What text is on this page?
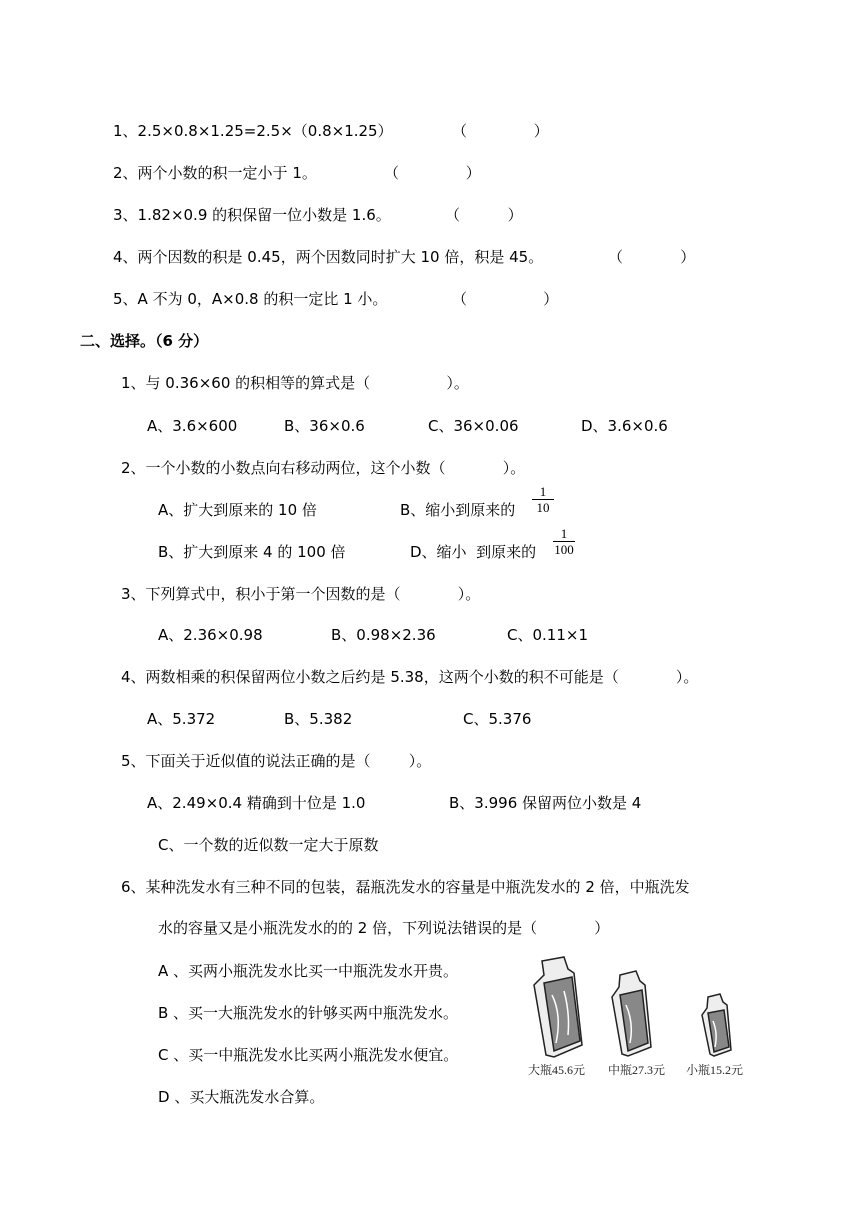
1、2.5×0.8×1.25=2.5×（0.8×1.25）	（              ）
2、两个小数的积一定小于 1。	（              ）
3、1.82×0.9 的积保留一位小数是 1.6。	（          ）
4、两个因数的积是 0.45，两个因数同时扩大 10 倍，积是 45。	（            ）
5、A 不为 0，A×0.8 的积一定比 1 小。	（                ）
二、选择。（6 分）
1、与 0.36×60 的积相等的算式是（                ）。
A、3.6×600	B、36×0.6	C、36×0.06	D、3.6×0.6
2、一个小数的小数点向右移动两位，这个小数（            ）。
A、扩大到原来的 10 倍	B、缩小到原来的
1
10
B、扩大到原来 4 的 100 倍	D、缩小  到原来的
1
100
3、下列算式中，积小于第一个因数的是（            ）。
A、2.36×0.98	B、0.98×2.36	C、0.11×1
4、两数相乘的积保留两位小数之后约是 5.38，这两个小数的积不可能是（            ）。
A、5.372	B、5.382	C、5.376
5、下面关于近似值的说法正确的是（        ）。
A、2.49×0.4 精确到十位是 1.0	B、3.996 保留两位小数是 4
C、一个数的近似数一定大于原数
6、某种洗发水有三种不同的包装，磊瓶洗发水的容量是中瓶洗发水的 2 倍，中瓶洗发
水的容量又是小瓶洗发水的的 2 倍，下列说法错误的是（            ）
A 、买两小瓶洗发水比买一中瓶洗发水开贵。
B 、买一大瓶洗发水的针够买两中瓶洗发水。
C 、买一中瓶洗发水比买两小瓶洗发水便宜。
D 、买大瓶洗发水合算。
大瓶45.6元 中瓶27.3元 小瓶15.2元
